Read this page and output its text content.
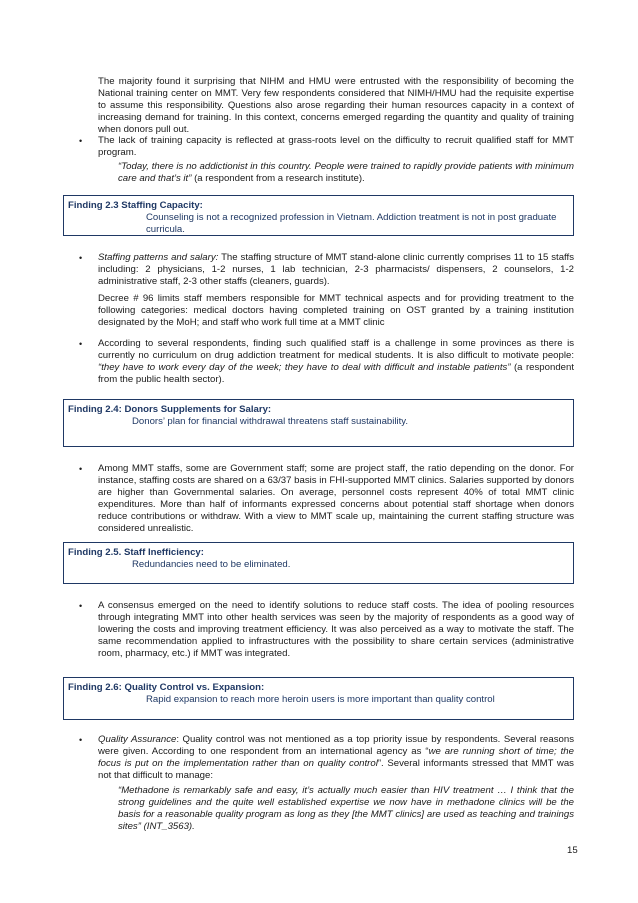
The majority found it surprising that NIHM and HMU were entrusted with the responsibility of becoming the National training center on MMT. Very few respondents considered that NIMH/HMU had the requisite expertise to assume this responsibility. Questions also arose regarding their human resources capacity in a context of increasing demand for training. In this context, concerns emerged regarding the quantity and quality of training when donors pull out.
• The lack of training capacity is reflected at grass-roots level on the difficulty to recruit qualified staff for MMT program.
“Today, there is no addictionist in this country. People were trained to rapidly provide patients with minimum care and that’s it” (a respondent from a research institute).
Finding 2.3 Staffing Capacity:
Counseling is not a recognized profession in Vietnam. Addiction treatment is not in post graduate curricula.
• Staffing patterns and salary: The staffing structure of MMT stand-alone clinic currently comprises 11 to 15 staffs including: 2 physicians, 1-2 nurses, 1 lab technician, 2-3 pharmacists/ dispensers, 2 counselors, 1-2 administrative staff, 2-3 other staffs (cleaners, guards).
Decree # 96 limits staff members responsible for MMT technical aspects and for providing treatment to the following categories: medical doctors having completed training on OST granted by a training institution designated by the MoH; and staff who work full time at a MMT clinic
• According to several respondents, finding such qualified staff is a challenge in some provinces as there is currently no curriculum on drug addiction treatment for medical students. It is also difficult to motivate people: “they have to work every day of the week; they have to deal with difficult and instable patients” (a respondent from the public health sector).
Finding 2.4: Donors Supplements for Salary:
Donors’ plan for financial withdrawal threatens staff sustainability.
• Among MMT staffs, some are Government staff; some are project staff, the ratio depending on the donor. For instance, staffing costs are shared on a 63/37 basis in FHI-supported MMT clinics. Salaries supported by donors are higher than Governmental salaries. On average, personnel costs represent 40% of total MMT clinic expenditures. More than half of informants expressed concerns about potential staff shortage when donors reduce contributions or withdraw. With a view to MMT scale up, maintaining the current staffing structure was considered unrealistic.
Finding 2.5. Staff Inefficiency:
Redundancies need to be eliminated.
• A consensus emerged on the need to identify solutions to reduce staff costs. The idea of pooling resources through integrating MMT into other health services was seen by the majority of respondents as a good way of lowering the costs and improving treatment efficiency. It was also perceived as a way to motivate the staff. The same recommendation applied to infrastructures with the possibility to share certain services (administrative room, pharmacy, etc.) if MMT was integrated.
Finding 2.6: Quality Control vs. Expansion:
Rapid expansion to reach more heroin users is more important than quality control
• Quality Assurance: Quality control was not mentioned as a top priority issue by respondents. Several reasons were given. According to one respondent from an international agency as “we are running short of time; the focus is put on the implementation rather than on quality control”. Several informants stressed that MMT was not that difficult to manage:
“Methadone is remarkably safe and easy, it’s actually much easier than HIV treatment … I think that the strong guidelines and the quite well established expertise we now have in methadone clinics will be the basis for a reasonable quality program as long as they [the MMT clinics] are used as teaching and trainings sites” (INT_3563).
15
